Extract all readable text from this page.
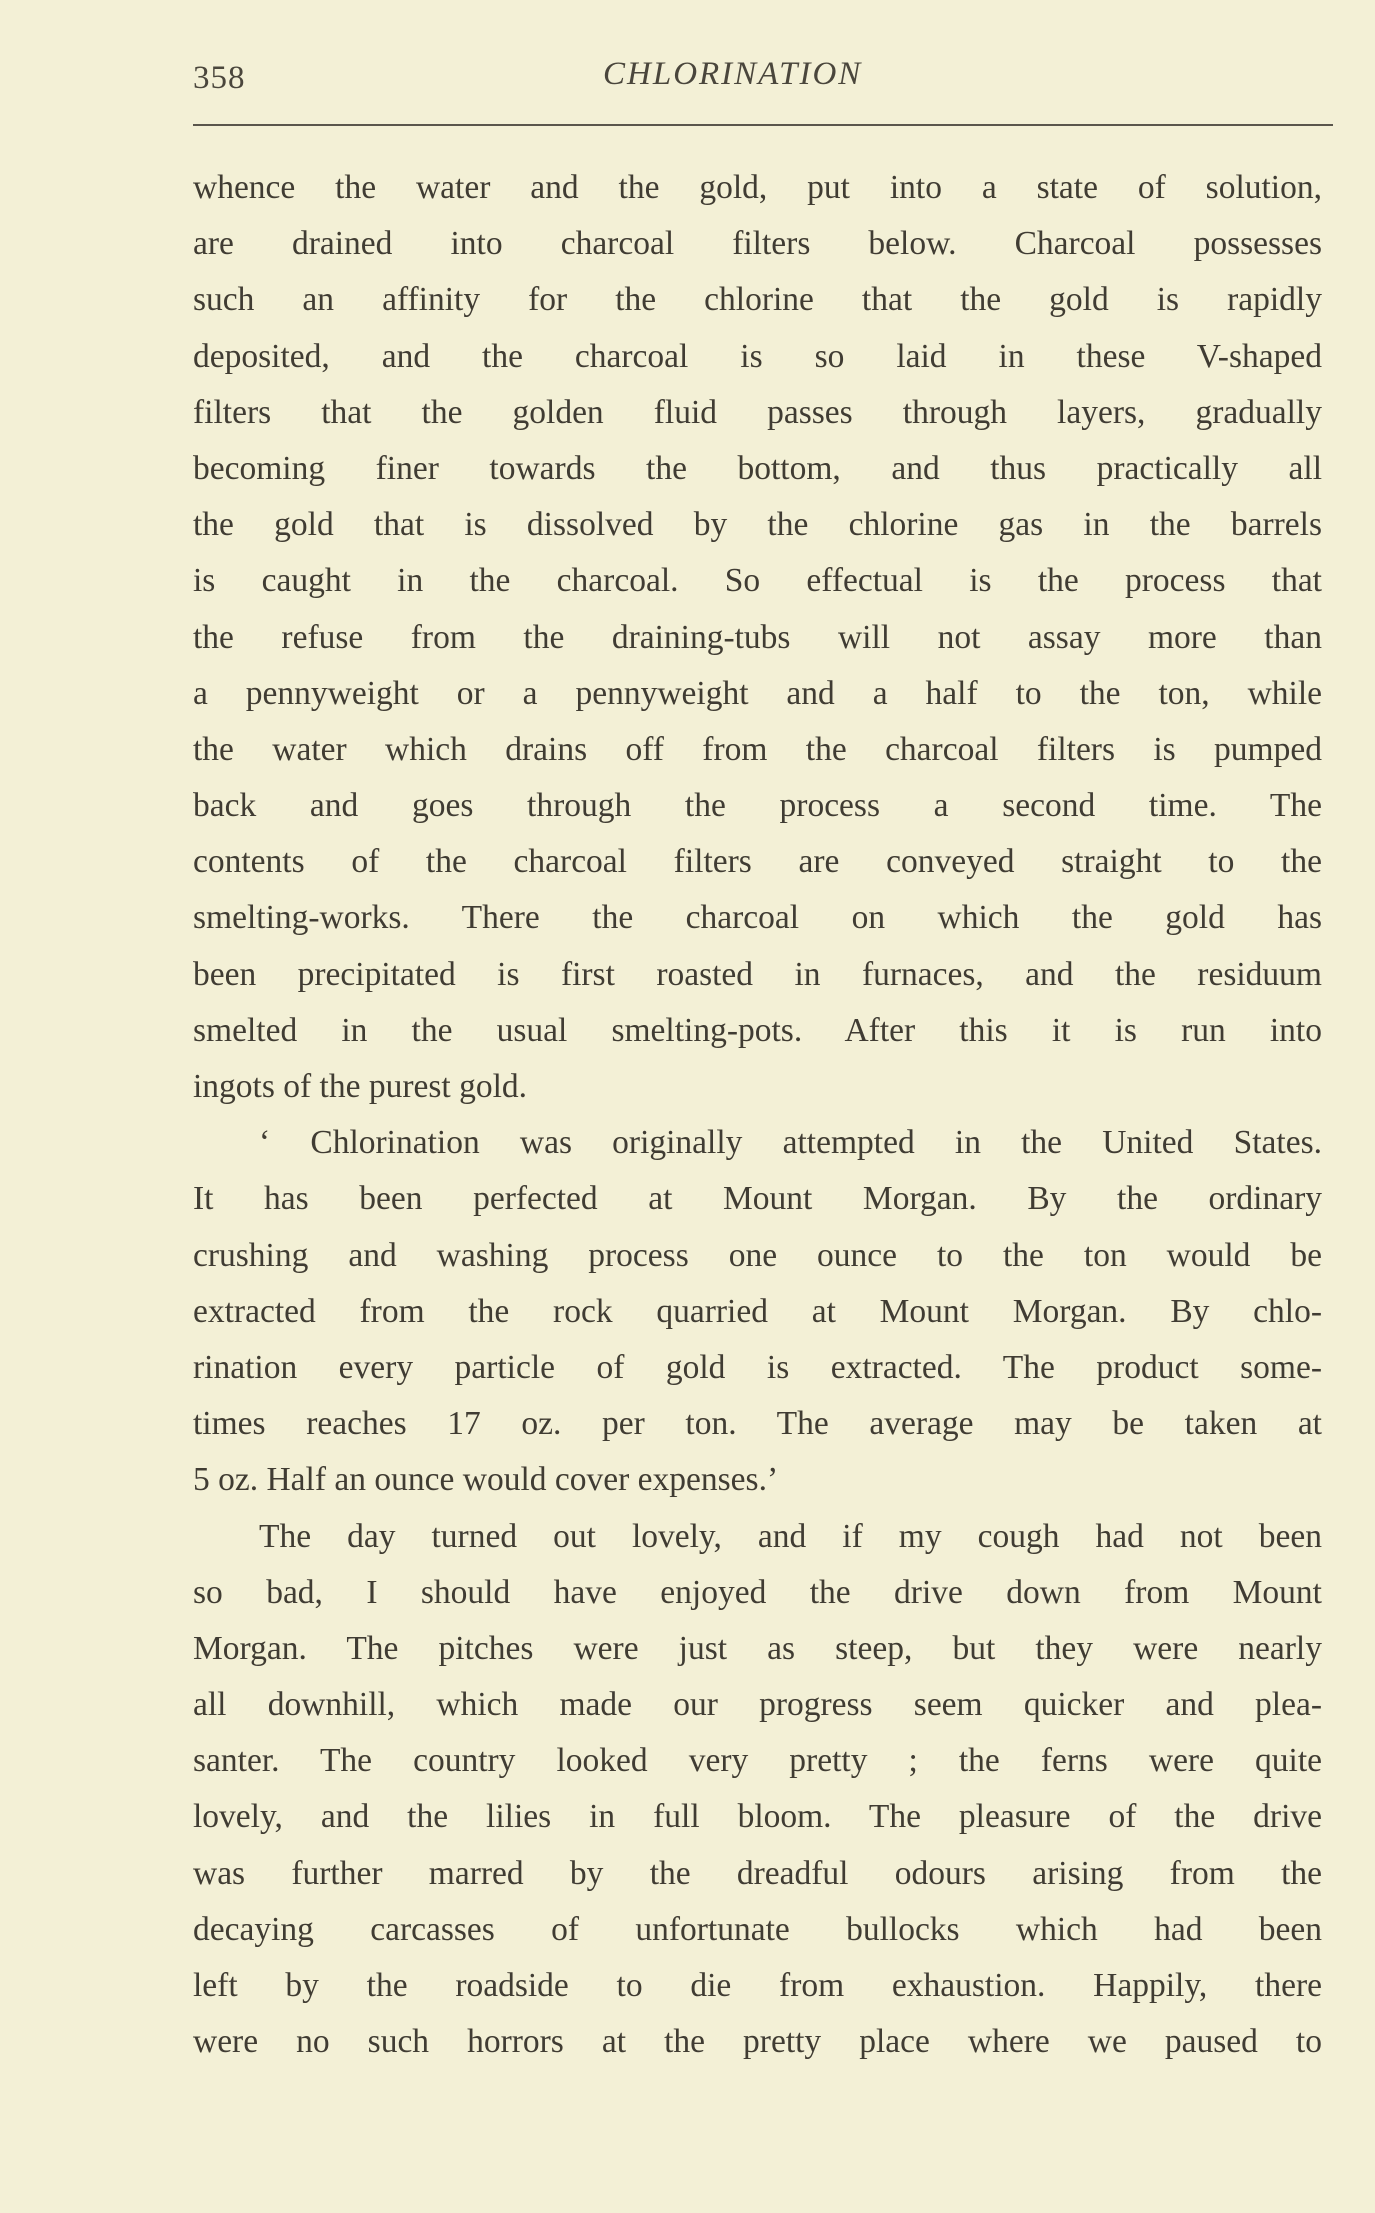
358	CHLORINATION
whence the water and the gold, put into a state of solution,
are drained into charcoal filters below. Charcoal possesses
such an affinity for the chlorine that the gold is rapidly
deposited, and the charcoal is so laid in these V-shaped
filters that the golden fluid passes through layers, gradually
becoming finer towards the bottom, and thus practically all
the gold that is dissolved by the chlorine gas in the barrels
is caught in the charcoal. So effectual is the process that
the refuse from the draining-tubs will not assay more than
a pennyweight or a pennyweight and a half to the ton, while
the water which drains off from the charcoal filters is pumped
back and goes through the process a second time. The
contents of the charcoal filters are conveyed straight to the
smelting-works. There the charcoal on which the gold has
been precipitated is first roasted in furnaces, and the residuum
smelted in the usual smelting-pots. After this it is run into
ingots of the purest gold.
‘ Chlorination was originally attempted in the United States.
It has been perfected at Mount Morgan. By the ordinary
crushing and washing process one ounce to the ton would be
extracted from the rock quarried at Mount Morgan. By chlo-
rination every particle of gold is extracted. The product some-
times reaches 17 oz. per ton. The average may be taken at
5 oz. Half an ounce would cover expenses.’
The day turned out lovely, and if my cough had not been
so bad, I should have enjoyed the drive down from Mount
Morgan. The pitches were just as steep, but they were nearly
all downhill, which made our progress seem quicker and plea-
santer. The country looked very pretty ; the ferns were quite
lovely, and the lilies in full bloom. The pleasure of the drive
was further marred by the dreadful odours arising from the
decaying carcasses of unfortunate bullocks which had been
left by the roadside to die from exhaustion. Happily, there
were no such horrors at the pretty place where we paused to
